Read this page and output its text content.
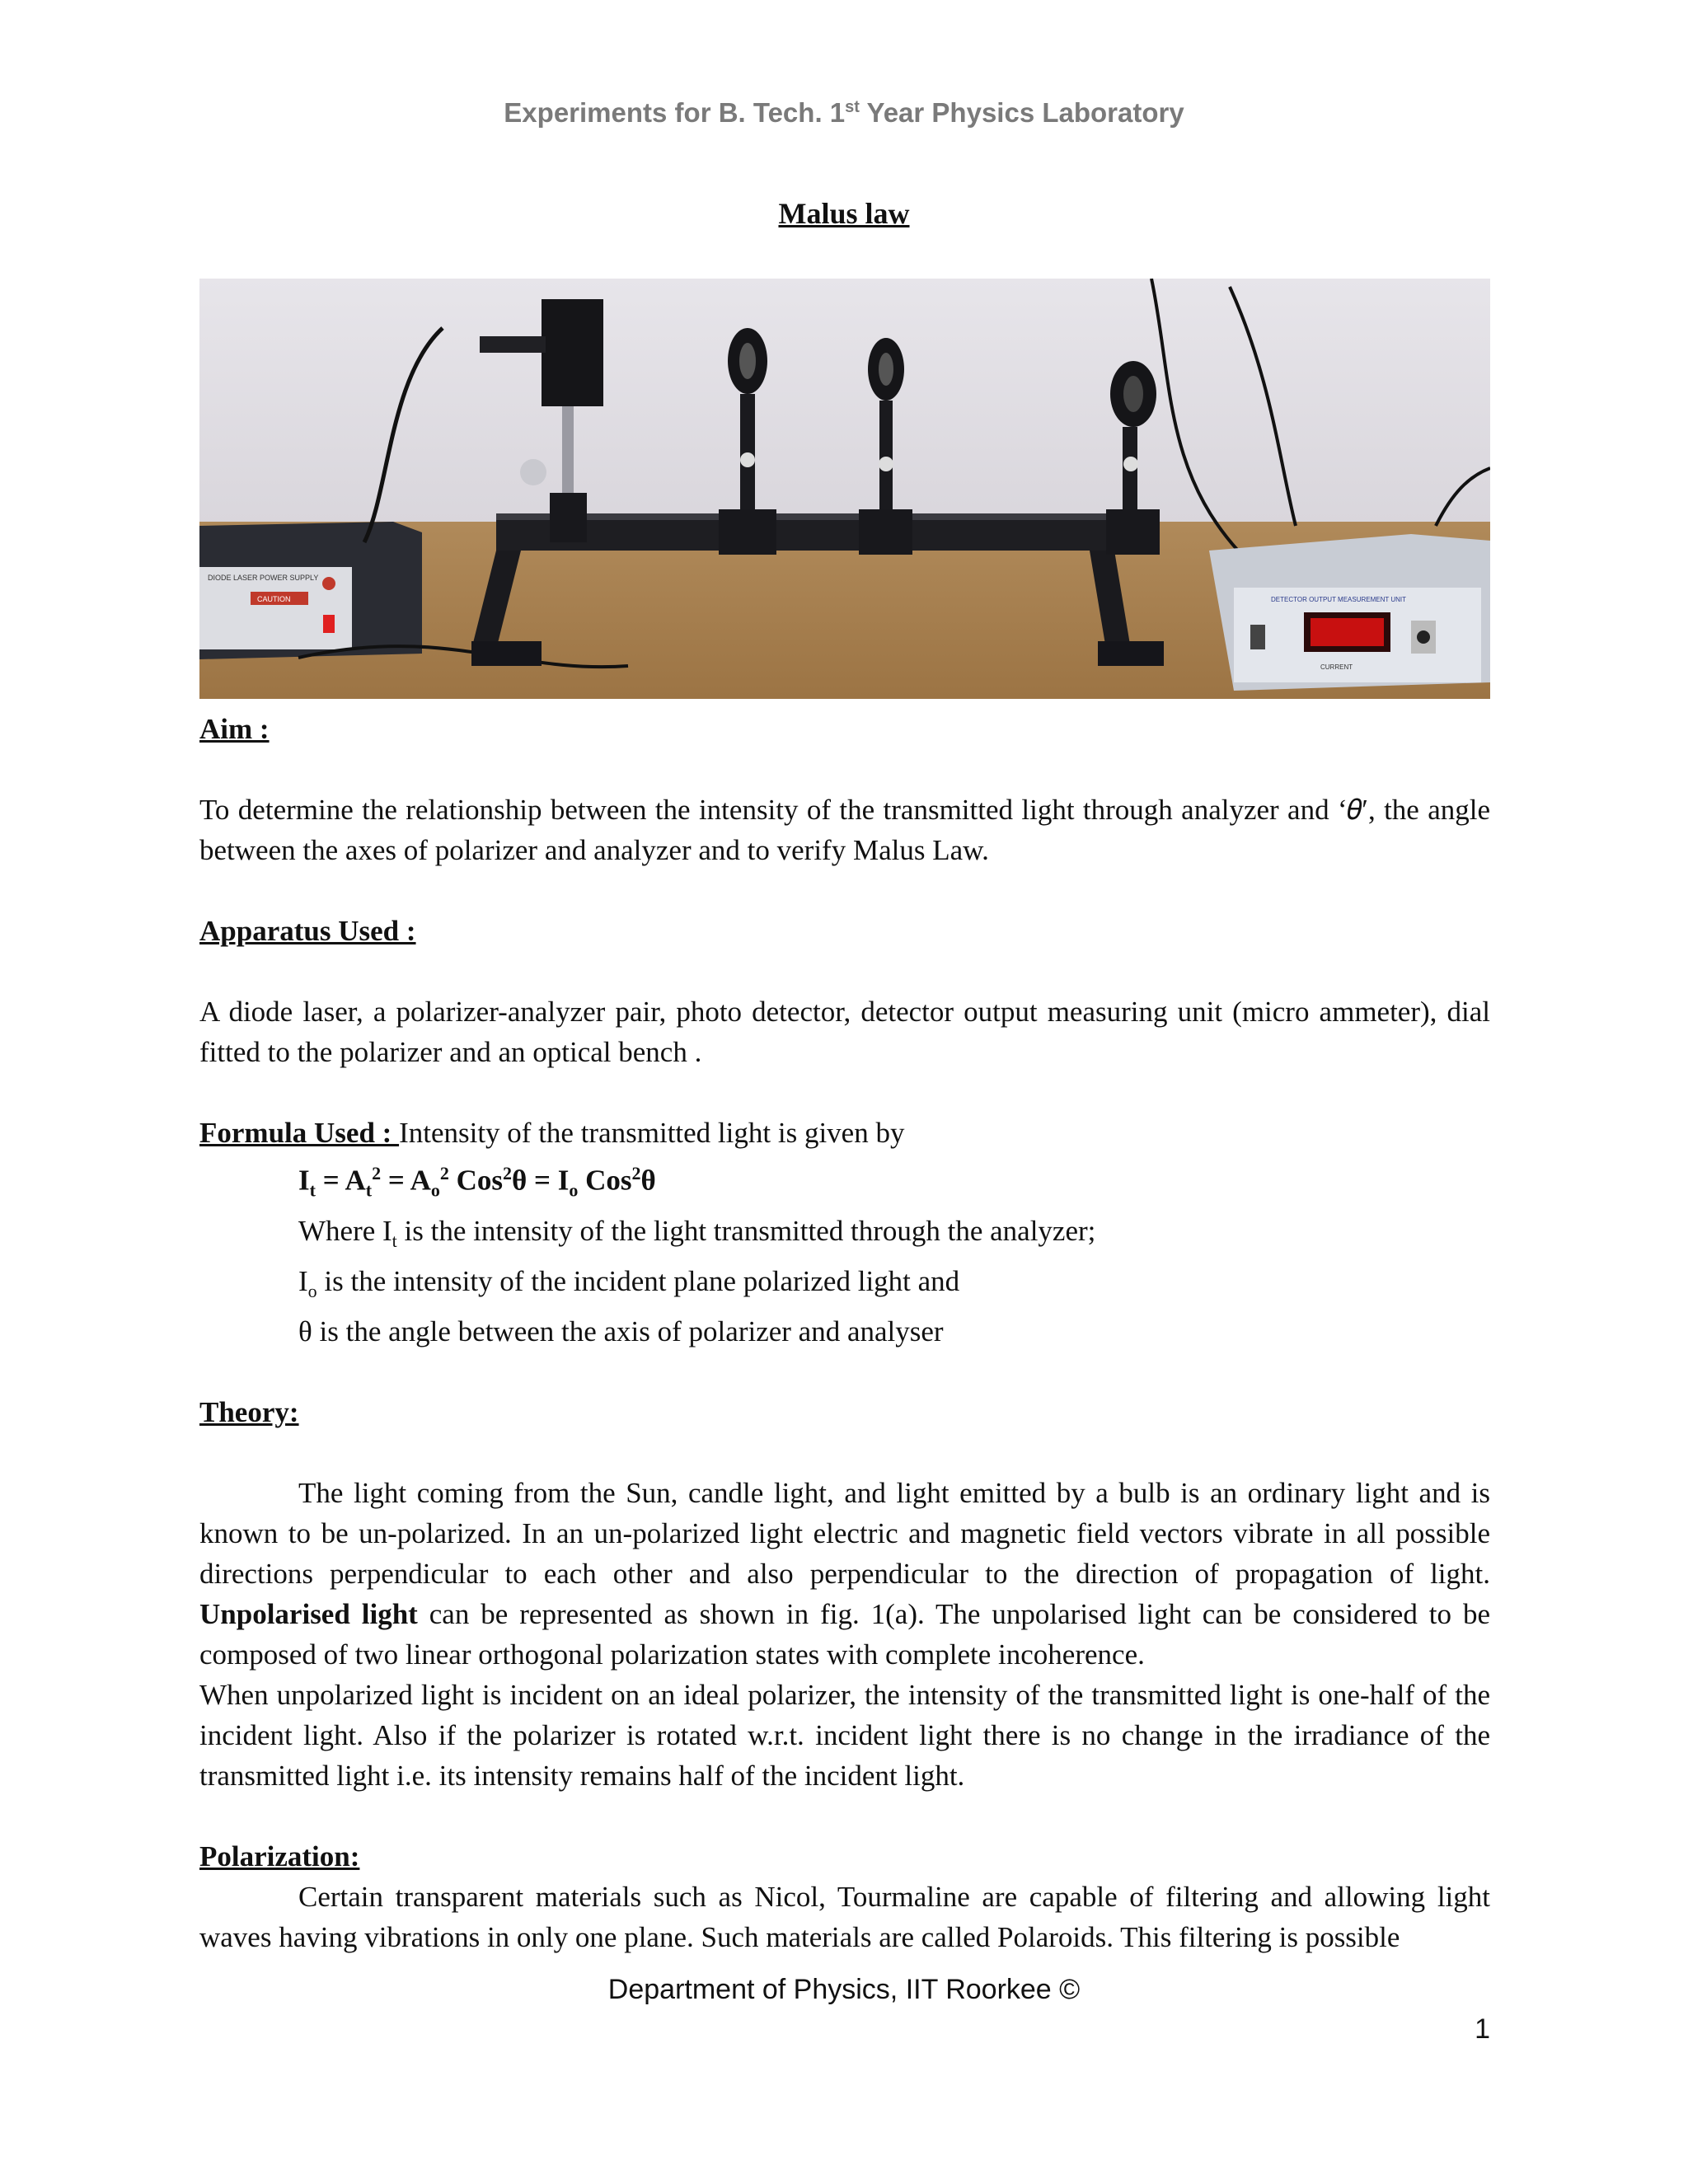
Experiments for B. Tech. 1st Year Physics Laboratory
Malus law
DIODE LASER POWER SUPPLY
CAUTION	DETECTOR OUTPUT MEASUREMENT UNIT
CURRENT
Aim :
To determine the relationship between the intensity of the transmitted light through analyzer and ‘𝜃′, the angle between the axes of polarizer and analyzer and to verify Malus Law.
Apparatus Used :
A diode laser, a polarizer-analyzer pair, photo detector, detector output measuring unit (micro ammeter), dial fitted to the polarizer and an optical bench .
Formula Used : Intensity of the transmitted light is given by
$I_t = A_t^2 = A_o^2$ $Cos^2\theta = I_o$ Cos$^2$θ
Where $I_t$ is the intensity of the light transmitted through the analyzer;
$I_o$ is the intensity of the incident plane polarized light and
θ is the angle between the axis of polarizer and analyser
Theory:
The light coming from the Sun, candle light, and light emitted by a bulb is an ordinary light and is known to be un-polarized. In an un-polarized light electric and magnetic field vectors vibrate in all possible directions perpendicular to each other and also perpendicular to the direction of propagation of light. Unpolarised light can be represented as shown in fig. 1(a). The unpolarised light can be considered to be composed of two linear orthogonal polarization states with complete incoherence.
When unpolarized light is incident on an ideal polarizer, the intensity of the transmitted light is one-half of the incident light. Also if the polarizer is rotated w.r.t. incident light there is no change in the irradiance of the transmitted light i.e. its intensity remains half of the incident light.
Polarization:
Certain transparent materials such as Nicol, Tourmaline are capable of filtering and allowing light waves having vibrations in only one plane. Such materials are called Polaroids. This filtering is possible
Department of Physics, IIT Roorkee ©
1
